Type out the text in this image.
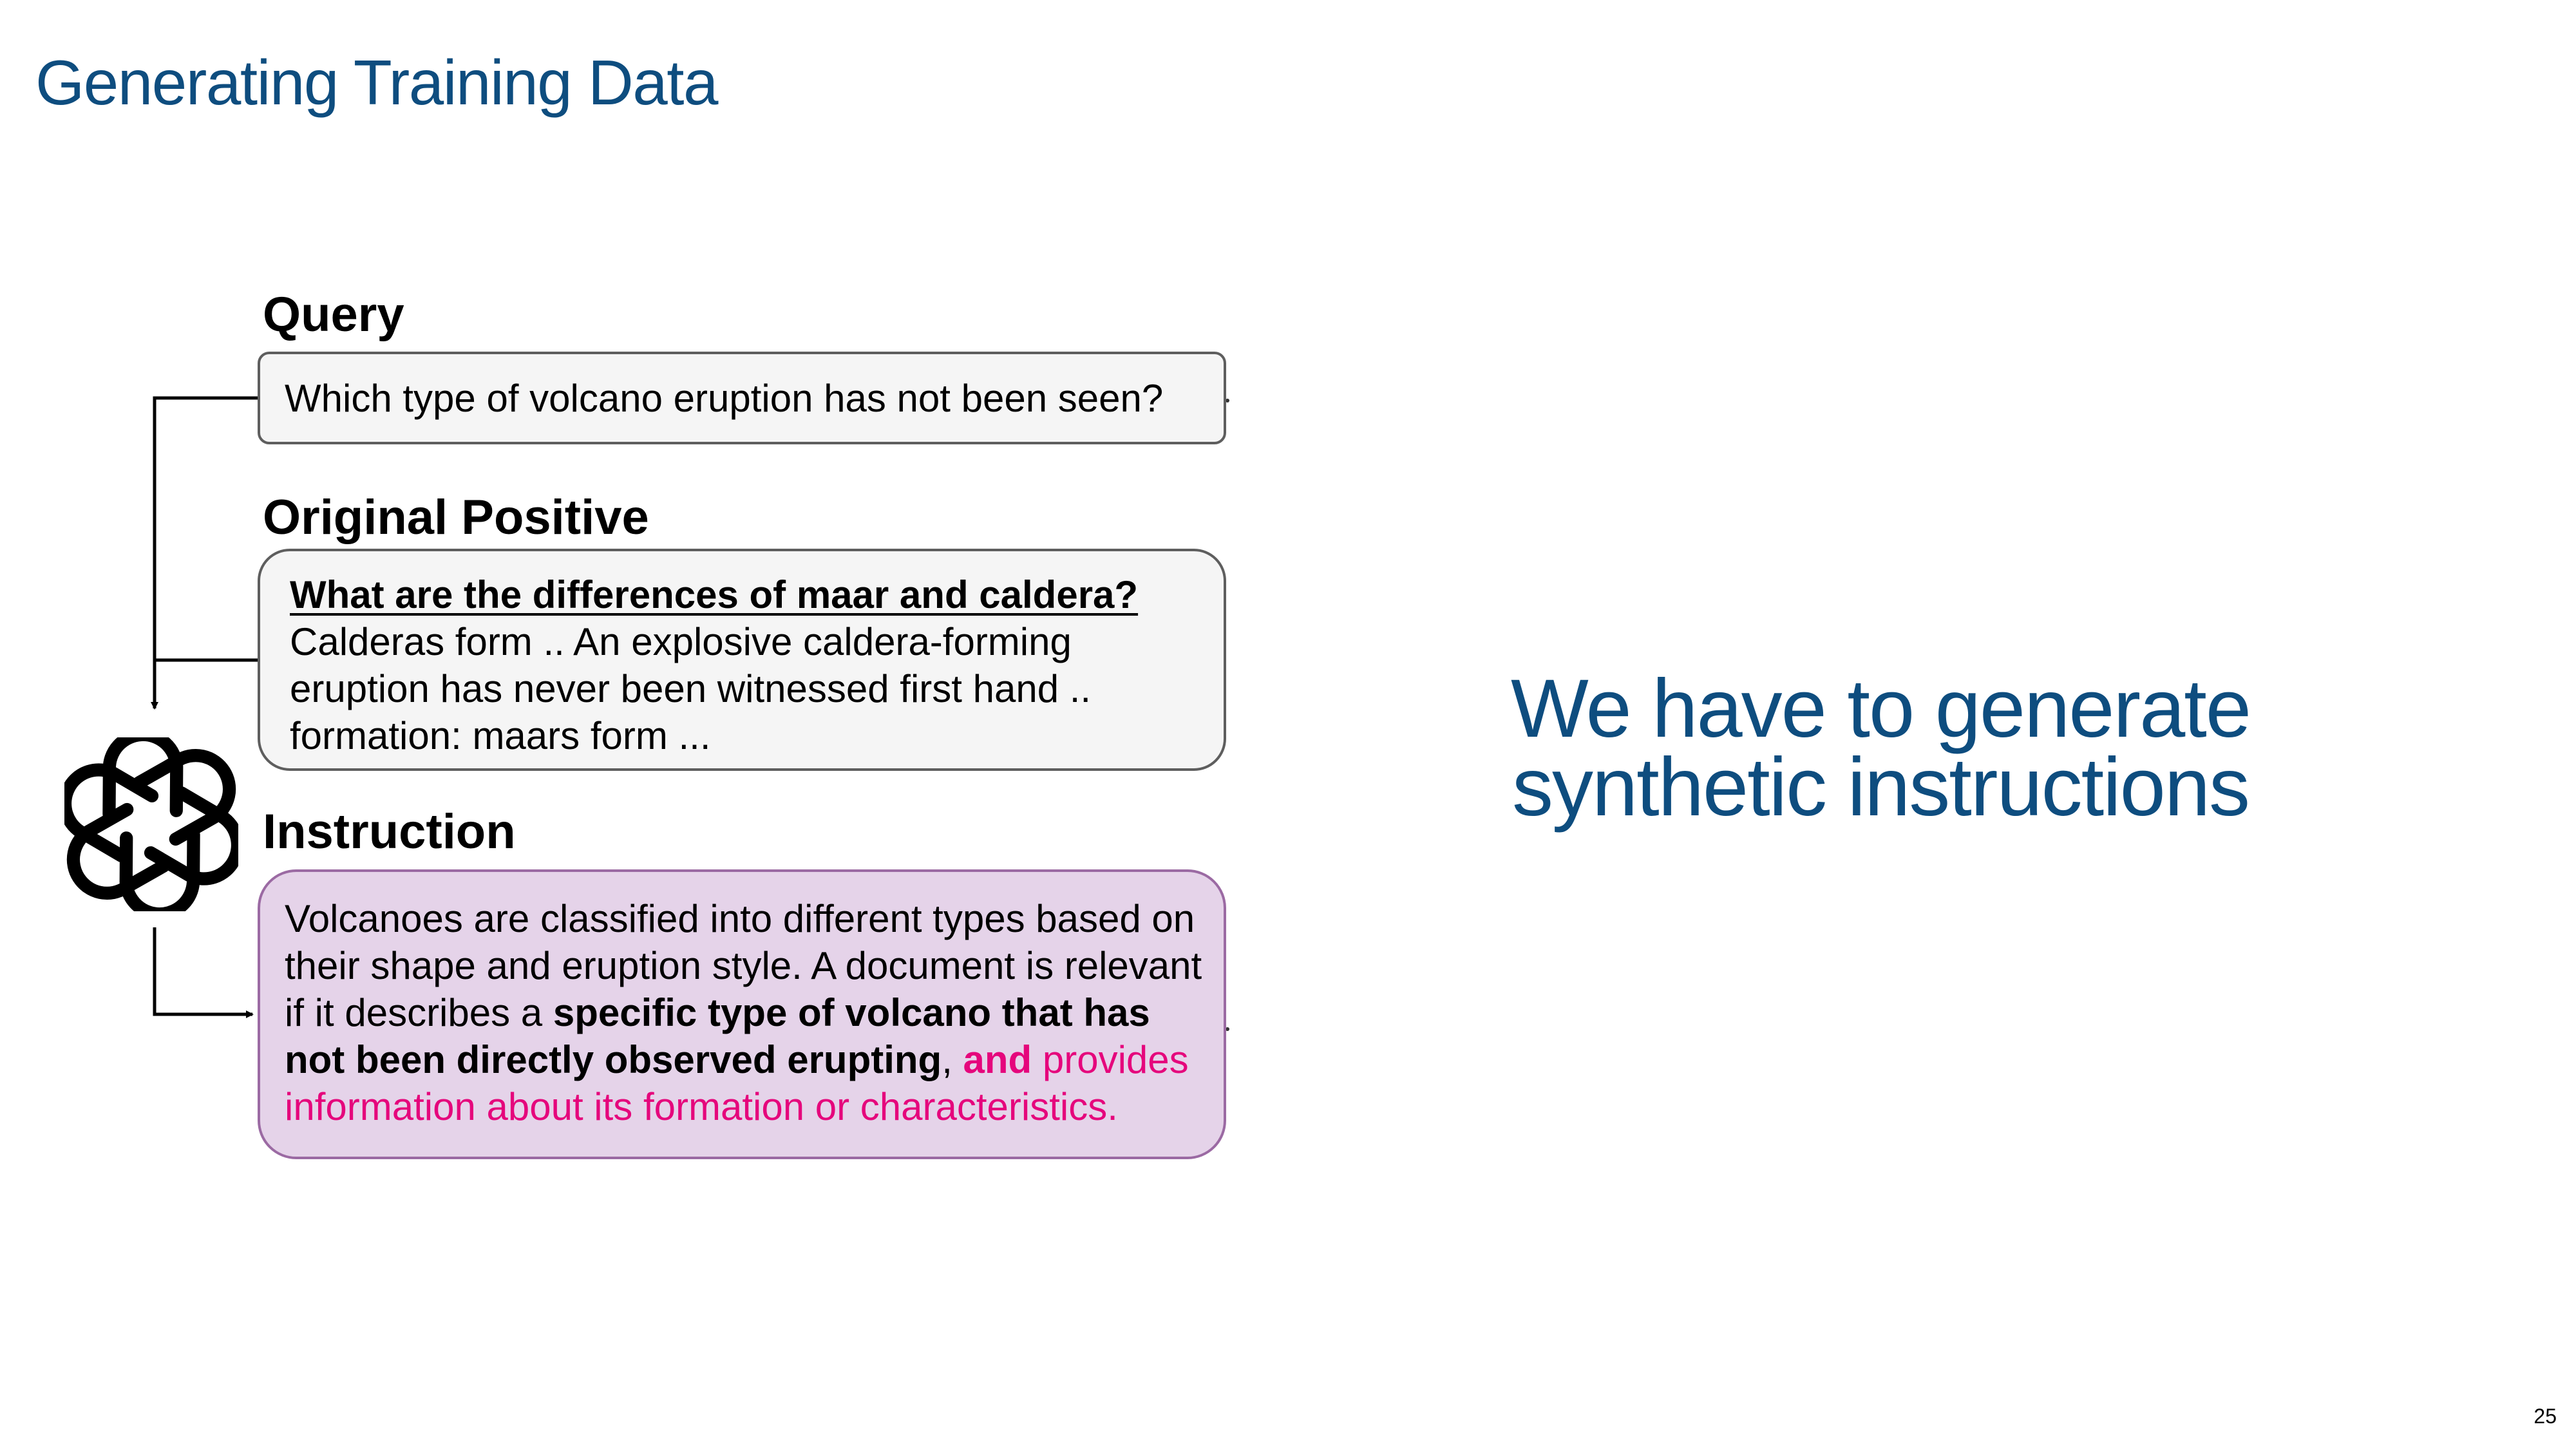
Generating Training Data
Query
Which type of volcano eruption has not been seen?
Original Positive
What are the differences of maar and caldera?
Calderas form .. An explosive caldera-forming
eruption has never been witnessed first hand ..
formation: maars form ...
Instruction
Volcanoes are classified into different types based on
their shape and eruption style. A document is relevant
if it describes a specific type of volcano that has
not been directly observed erupting, and provides
information about its formation or characteristics.
We have to generate
synthetic instructions
25
